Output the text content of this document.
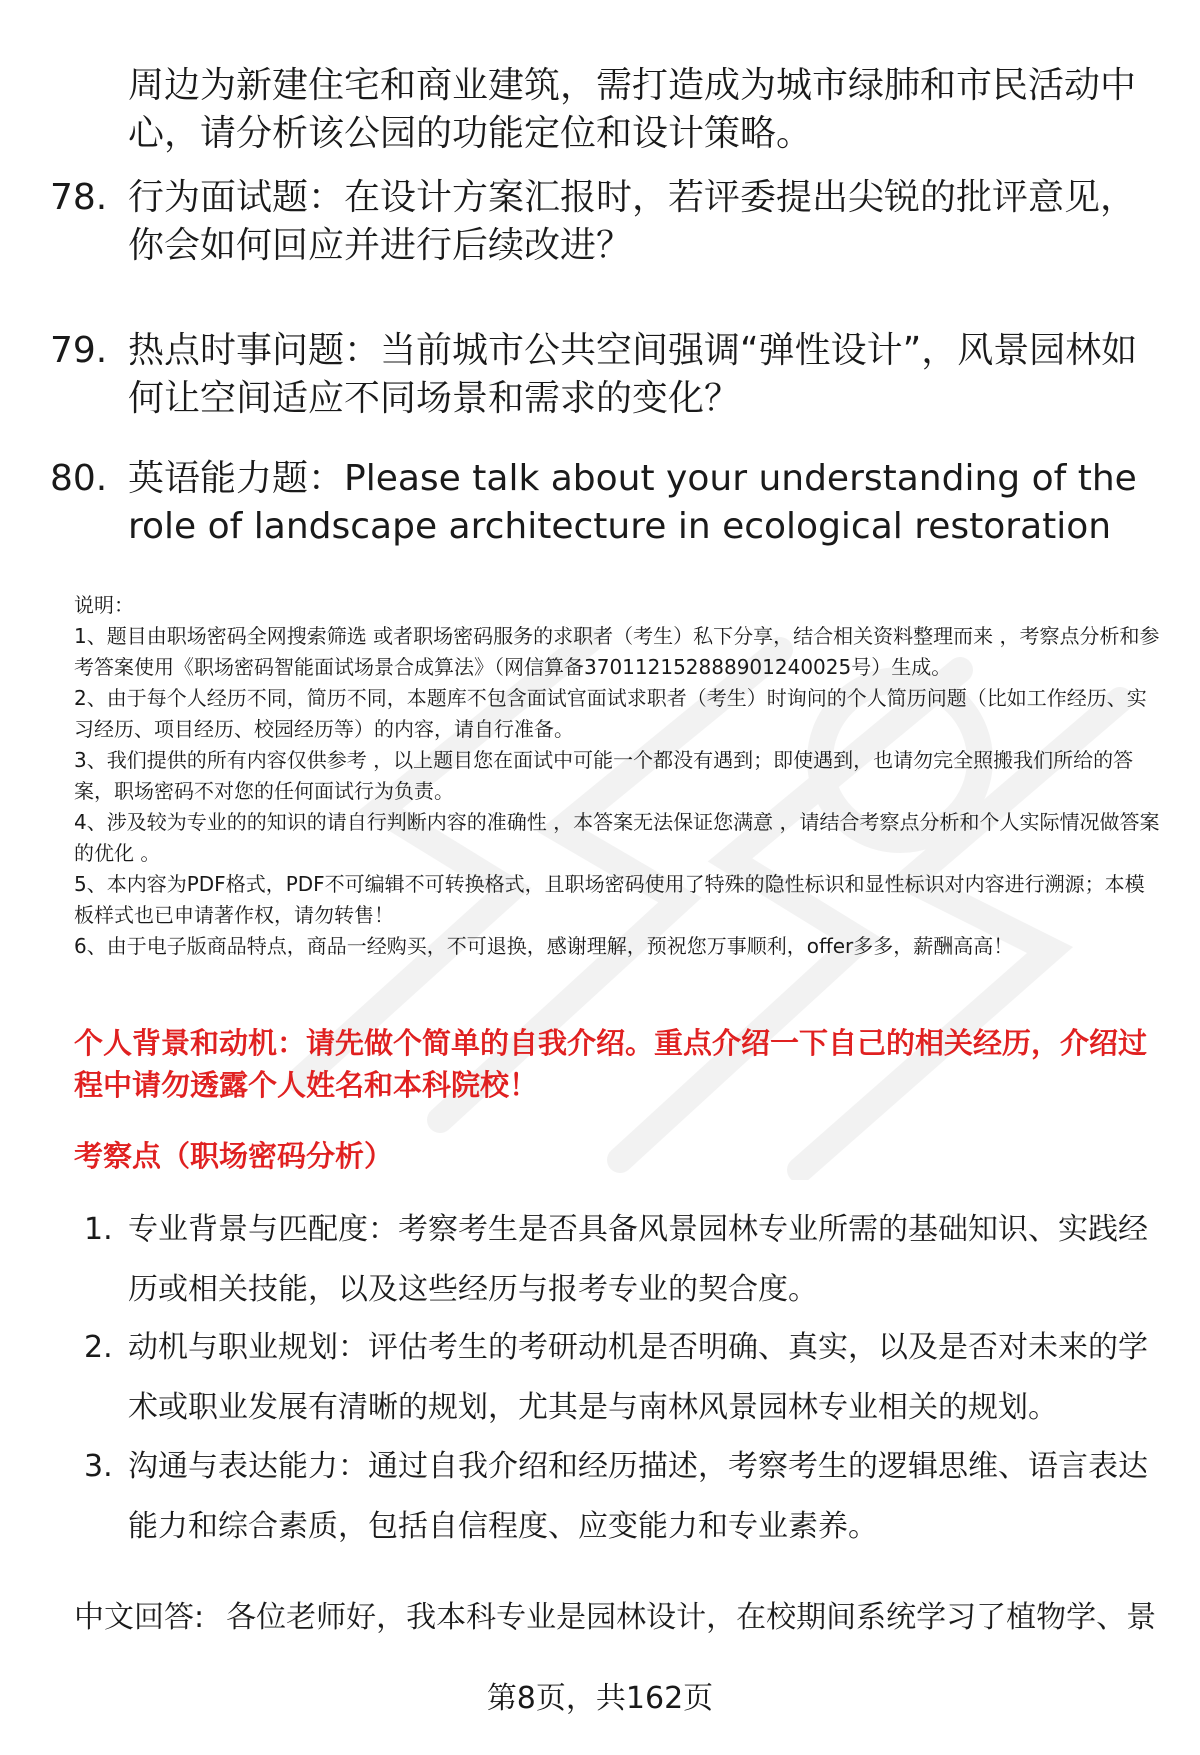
周边为新建住宅和商业建筑，需打造成为城市绿肺和市民活动中心，请分析该公园的功能定位和设计策略。
78. 行为面试题：在设计方案汇报时，若评委提出尖锐的批评意见，你会如何回应并进行后续改进？
79. 热点时事问题：当前城市公共空间强调“弹性设计”，风景园林如何让空间适应不同场景和需求的变化？
80. 英语能力题：Please talk about your understanding of the role of landscape architecture in ecological restoration
说明：
1、题目由职场密码全网搜索筛选 或者职场密码服务的求职者（考生）私下分享，结合相关资料整理而来 ，考察点分析和参考答案使用《职场密码智能面试场景合成算法》（网信算备370112152888901240025号）生成。
2、由于每个人经历不同，简历不同，本题库不包含面试官面试求职者（考生）时询问的个人简历问题（比如工作经历、实习经历、项目经历、校园经历等）的内容，请自行准备。
3、我们提供的所有内容仅供参考 ，以上题目您在面试中可能一个都没有遇到；即使遇到，也请勿完全照搬我们所给的答案，职场密码不对您的任何面试行为负责。
4、涉及较为专业的的知识的请自行判断内容的准确性 ，本答案无法保证您满意 ，请结合考察点分析和个人实际情况做答案的优化 。
5、本内容为PDF格式，PDF不可编辑不可转换格式，且职场密码使用了特殊的隐性标识和显性标识对内容进行溯源；本模板样式也已申请著作权，请勿转售！
6、由于电子版商品特点，商品一经购买，不可退换，感谢理解，预祝您万事顺利，offer多多，薪酬高高！
个人背景和动机：请先做个简单的自我介绍。重点介绍一下自己的相关经历，介绍过程中请勿透露个人姓名和本科院校！
考察点（职场密码分析）
1. 专业背景与匹配度：考察考生是否具备风景园林专业所需的基础知识、实践经历或相关技能，以及这些经历与报考专业的契合度。
2. 动机与职业规划：评估考生的考研动机是否明确、真实，以及是否对未来的学术或职业发展有清晰的规划，尤其是与南林风景园林专业相关的规划。
3. 沟通与表达能力：通过自我介绍和经历描述，考察考生的逻辑思维、语言表达能力和综合素质，包括自信程度、应变能力和专业素养。
中文回答: 各位老师好，我本科专业是园林设计，在校期间系统学习了植物学、景
第8页，共162页
